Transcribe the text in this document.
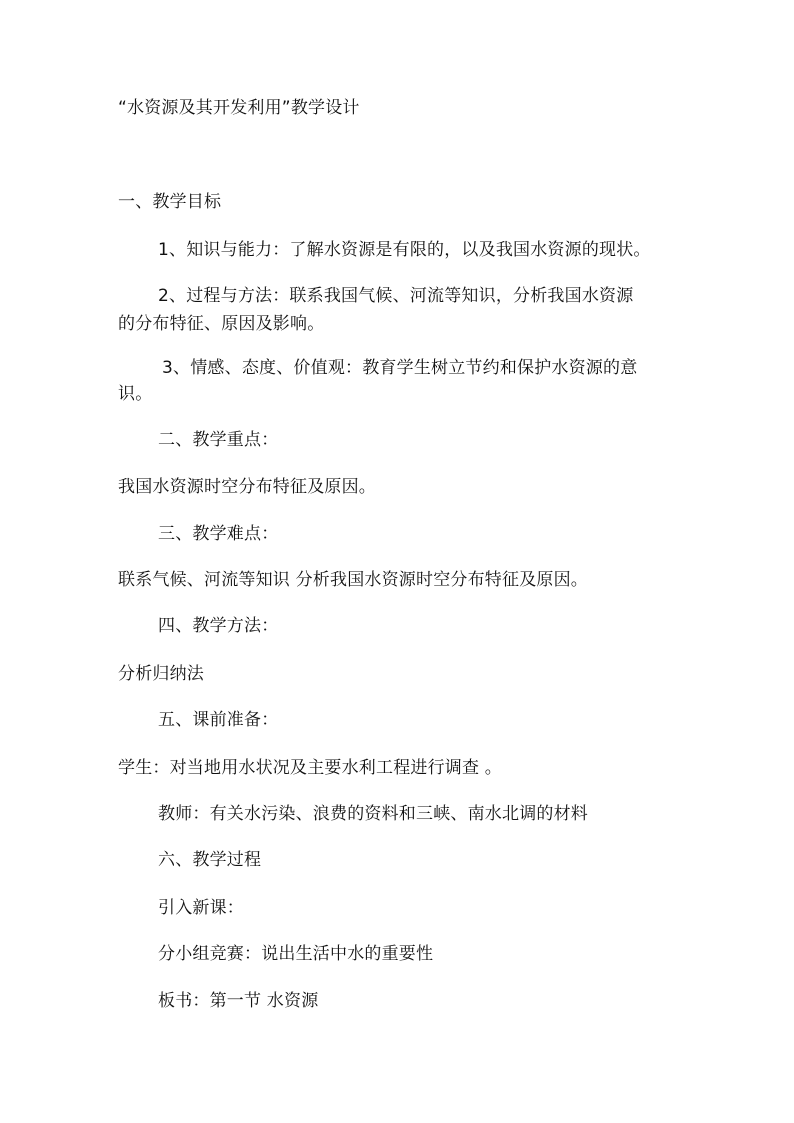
“水资源及其开发利用”教学设计
一、教学目标
1、知识与能力：了解水资源是有限的，以及我国水资源的现状。
2、过程与方法：联系我国气候、河流等知识，分析我国水资源
的分布特征、原因及影响。
3、情感、态度、价值观：教育学生树立节约和保护水资源的意
识。
二、教学重点：
我国水资源时空分布特征及原因。
三、教学难点：
联系气候、河流等知识 分析我国水资源时空分布特征及原因。
四、教学方法：
分析归纳法
五、课前准备：
学生：对当地用水状况及主要水利工程进行调查 。
教师：有关水污染、浪费的资料和三峡、南水北调的材料
六、教学过程
引入新课：
分小组竞赛：说出生活中水的重要性
板书：第一节 水资源
